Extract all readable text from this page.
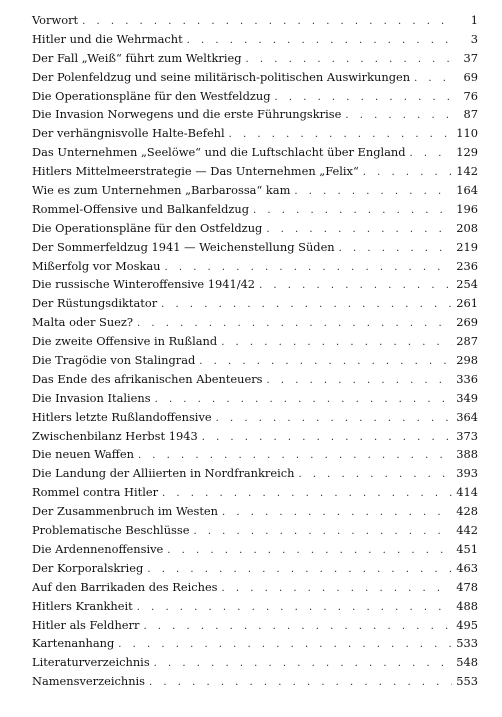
Vorwort . . .	1
Hitler und die Wehrmacht . . .	3
Der Fall „Weiß“ führt zum Weltkrieg . . .	37
Der Polenfeldzug und seine militärisch-politischen Auswirkungen . . .	69
Die Operationspläne für den Westfeldzug . . .	76
Die Invasion Norwegens und die erste Führungskrise . . .	87
Der verhängnisvolle Halte-Befehl . . .	110
Das Unternehmen „Seelöwe“ und die Luftschlacht über England . . .	129
Hitlers Mittelmeerstrategie — Das Unternehmen „Felix“ . . .	142
Wie es zum Unternehmen „Barbarossa“ kam . . .	164
Rommel-Offensive und Balkanfeldzug . . .	196
Die Operationspläne für den Ostfeldzug . . .	208
Der Sommerfeldzug 1941 — Weichenstellung Süden . . .	219
Mißerfolg vor Moskau . . .	236
Die russische Winteroffensive 1941/42 . . .	254
Der Rüstungsdiktator . . .	261
Malta oder Suez? . . .	269
Die zweite Offensive in Rußland . . .	287
Die Tragödie von Stalingrad . . .	298
Das Ende des afrikanischen Abenteuers . . .	336
Die Invasion Italiens . . .	349
Hitlers letzte Rußlandoffensive . . .	364
Zwischenbilanz Herbst 1943 . . .	373
Die neuen Waffen . . .	388
Die Landung der Alliierten in Nordfrankreich . . .	393
Rommel contra Hitler . . .	414
Der Zusammenbruch im Westen . . .	428
Problematische Beschlüsse . . .	442
Die Ardennenoffensive . . .	451
Der Korporalskrieg . . .	463
Auf den Barrikaden des Reiches . . .	478
Hitlers Krankheit . . .	488
Hitler als Feldherr . . .	495
Kartenanhang . . .	533
Literaturverzeichnis . . .	548
Namensverzeichnis . . .	553
